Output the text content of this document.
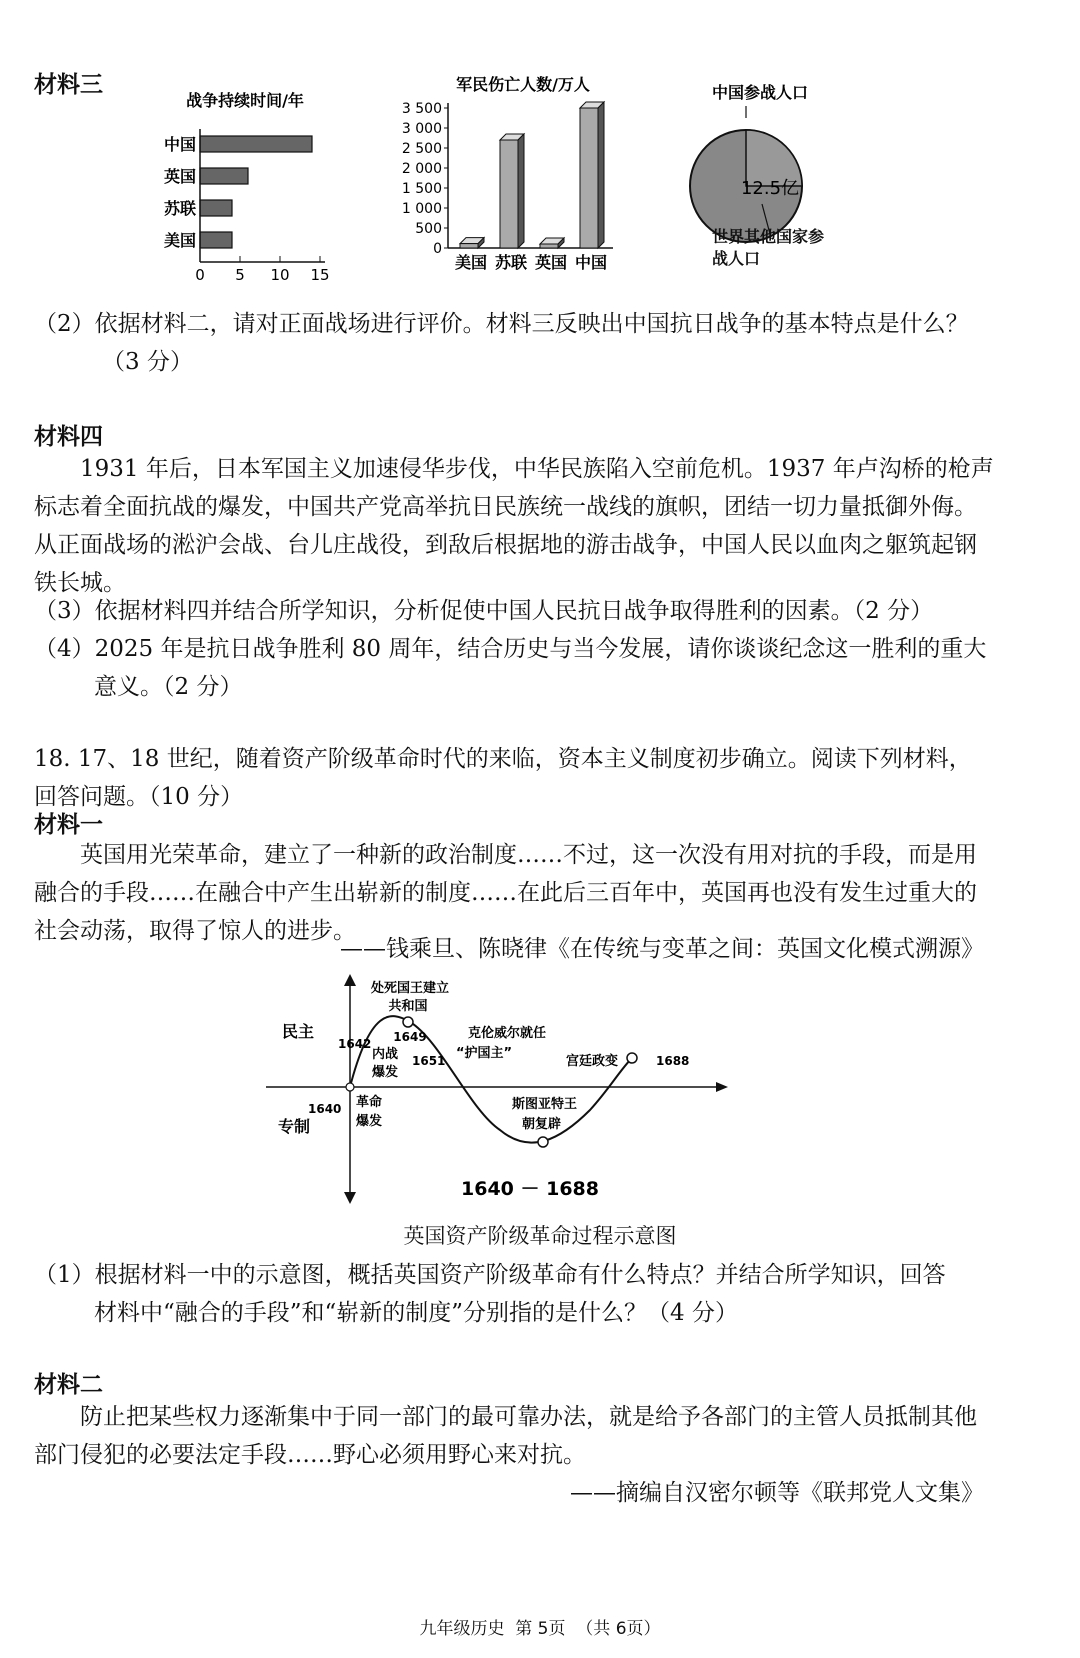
材料三
战争持续时间/年
中国
英国
苏联
美国
0 5 10 15
军民伤亡人数/万人
0
500
1 000
1 500
2 000
2 500
3 000
3 500
美国 苏联 英国 中国
中国参战人口
12.5亿
世界其他国家参战人口
（2）依据材料二，请对正面战场进行评价。材料三反映出中国抗日战争的基本特点是什么？
（3 分）
材料四
1931 年后，日本军国主义加速侵华步伐，中华民族陷入空前危机。1937 年卢沟桥的枪声标志着全面抗战的爆发，中国共产党高举抗日民族统一战线的旗帜，团结一切力量抵御外侮。从正面战场的淞沪会战、台儿庄战役，到敌后根据地的游击战争，中国人民以血肉之躯筑起钢铁长城。
（3）依据材料四并结合所学知识，分析促使中国人民抗日战争取得胜利的因素。（2 分）
（4）2025 年是抗日战争胜利 80 周年，结合历史与当今发展，请你谈谈纪念这一胜利的重大
意义。（2 分）
18. 17、18 世纪，随着资产阶级革命时代的来临，资本主义制度初步确立。阅读下列材料，
回答问题。（10 分）
材料一
英国用光荣革命，建立了一种新的政治制度……不过，这一次没有用对抗的手段，而是用融合的手段……在融合中产生出崭新的制度……在此后三百年中，英国再也没有发生过重大的社会动荡，取得了惊人的进步。
——钱乘旦、陈晓律《在传统与变革之间：英国文化模式溯源》
民主
专制
处死国王建立
共和国
1649
1642
内战
爆发
1651
克伦威尔就任
“护国主”
宫廷政变	1688
1640 革命
爆发
斯图亚特王
朝复辟
1640 － 1688
英国资产阶级革命过程示意图
（1）根据材料一中的示意图，概括英国资产阶级革命有什么特点？并结合所学知识，回答
材料中“融合的手段”和“崭新的制度”分别指的是什么？（4 分）
材料二
防止把某些权力逐渐集中于同一部门的最可靠办法，就是给予各部门的主管人员抵制其他部门侵犯的必要法定手段……野心必须用野心来对抗。
——摘编自汉密尔顿等《联邦党人文集》
九年级历史  第 5页  （共 6页）
